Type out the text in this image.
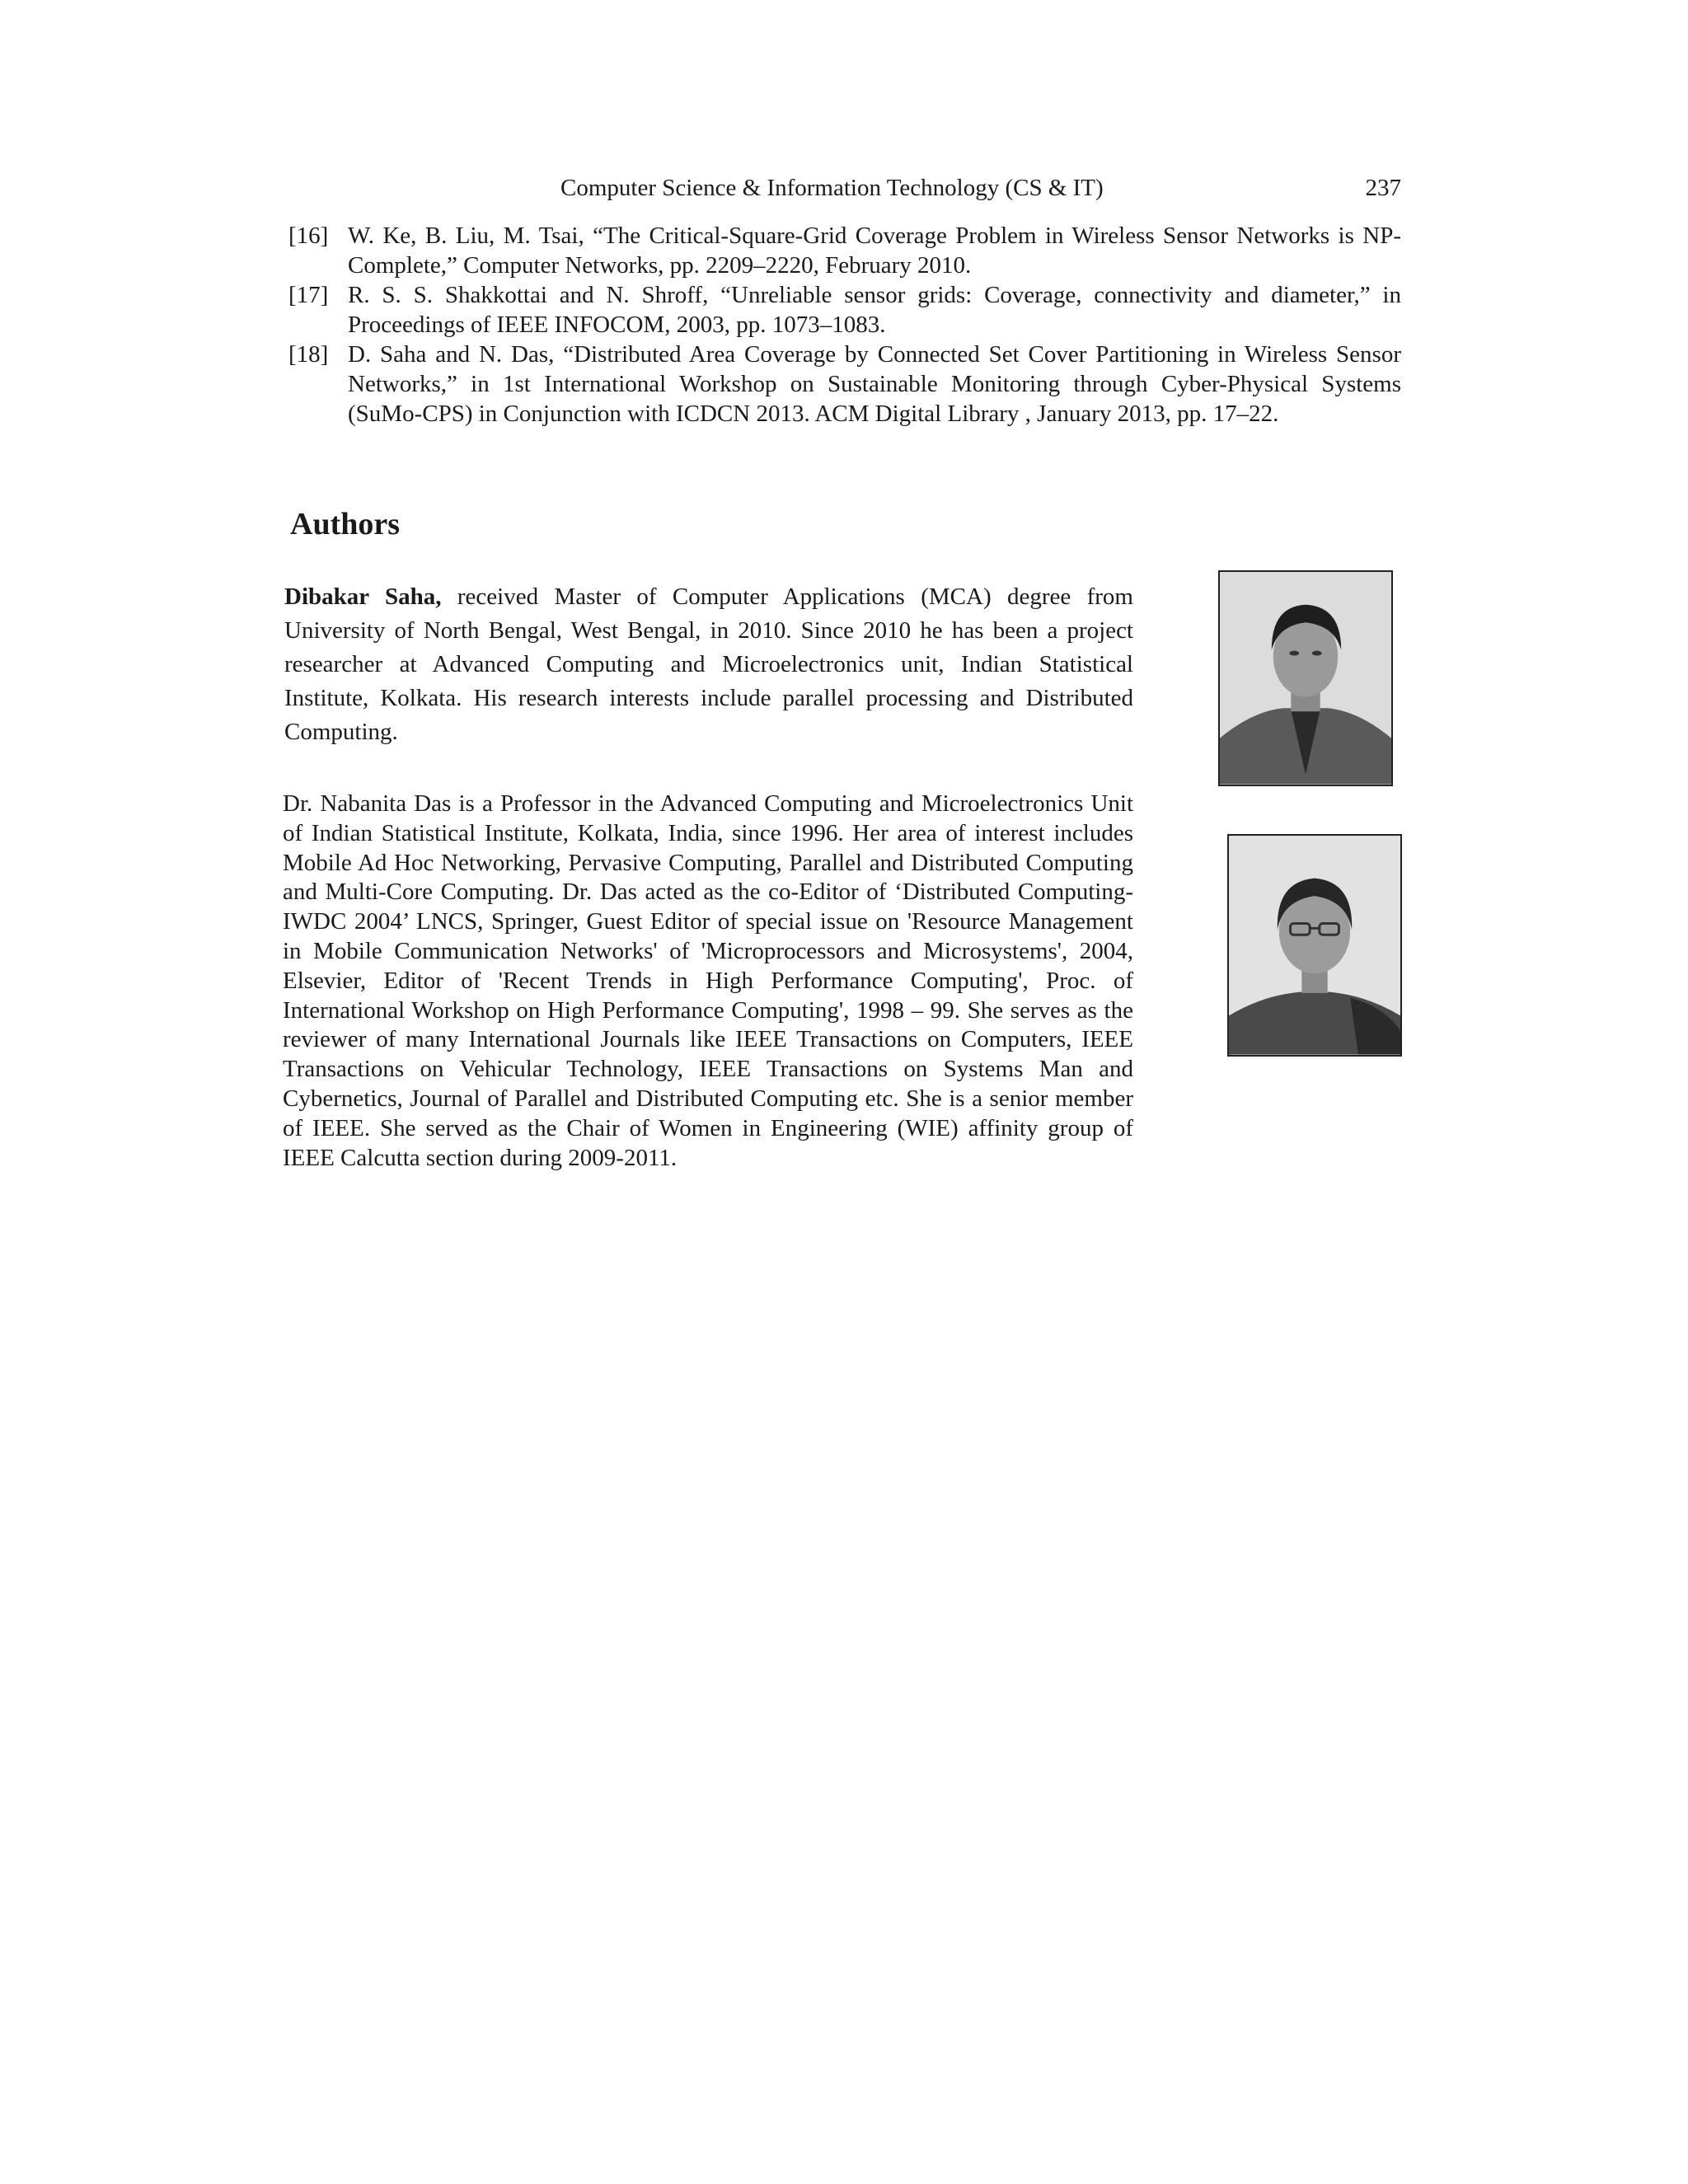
Computer Science & Information Technology (CS & IT)	237

[16] W. Ke, B. Liu, M. Tsai, “The Critical-Square-Grid Coverage Problem in Wireless Sensor Networks is NP-Complete,” Computer Networks, pp. 2209–2220, February 2010.

[17] R. S. S. Shakkottai and N. Shroff, “Unreliable sensor grids: Coverage, connectivity and diameter,” in Proceedings of IEEE INFOCOM, 2003, pp. 1073–1083.

[18] D. Saha and N. Das, “Distributed Area Coverage by Connected Set Cover Partitioning in Wireless Sensor Networks,” in 1st International Workshop on Sustainable Monitoring through Cyber-Physical Systems (SuMo-CPS) in Conjunction with ICDCN 2013. ACM Digital Library , January 2013, pp. 17–22.

Authors

Dibakar Saha, received Master of Computer Applications (MCA) degree from University of North Bengal, West Bengal, in 2010. Since 2010 he has been a project researcher at Advanced Computing and Microelectronics unit, Indian Statistical Institute, Kolkata. His research interests include parallel processing and Distributed Computing.

Dr. Nabanita Das is a Professor in the Advanced Computing and Microelectronics Unit of Indian Statistical Institute, Kolkata, India, since 1996. Her area of interest includes Mobile Ad Hoc Networking, Pervasive Computing, Parallel and Distributed Computing and Multi-Core Computing. Dr. Das acted as the co-Editor of ‘Distributed Computing- IWDC 2004’ LNCS, Springer, Guest Editor of special issue on 'Resource Management in Mobile Communication Networks' of 'Microprocessors and Microsystems', 2004, Elsevier, Editor of 'Recent Trends in High Performance Computing', Proc. of International Workshop on High Performance Computing', 1998 – 99. She serves as the reviewer of many International Journals like IEEE Transactions on Computers, IEEE Transactions on Vehicular Technology, IEEE Transactions on Systems Man and Cybernetics, Journal of Parallel and Distributed Computing etc. She is a senior member of IEEE. She served as the Chair of Women in Engineering (WIE) affinity group of IEEE Calcutta section during 2009-2011.
